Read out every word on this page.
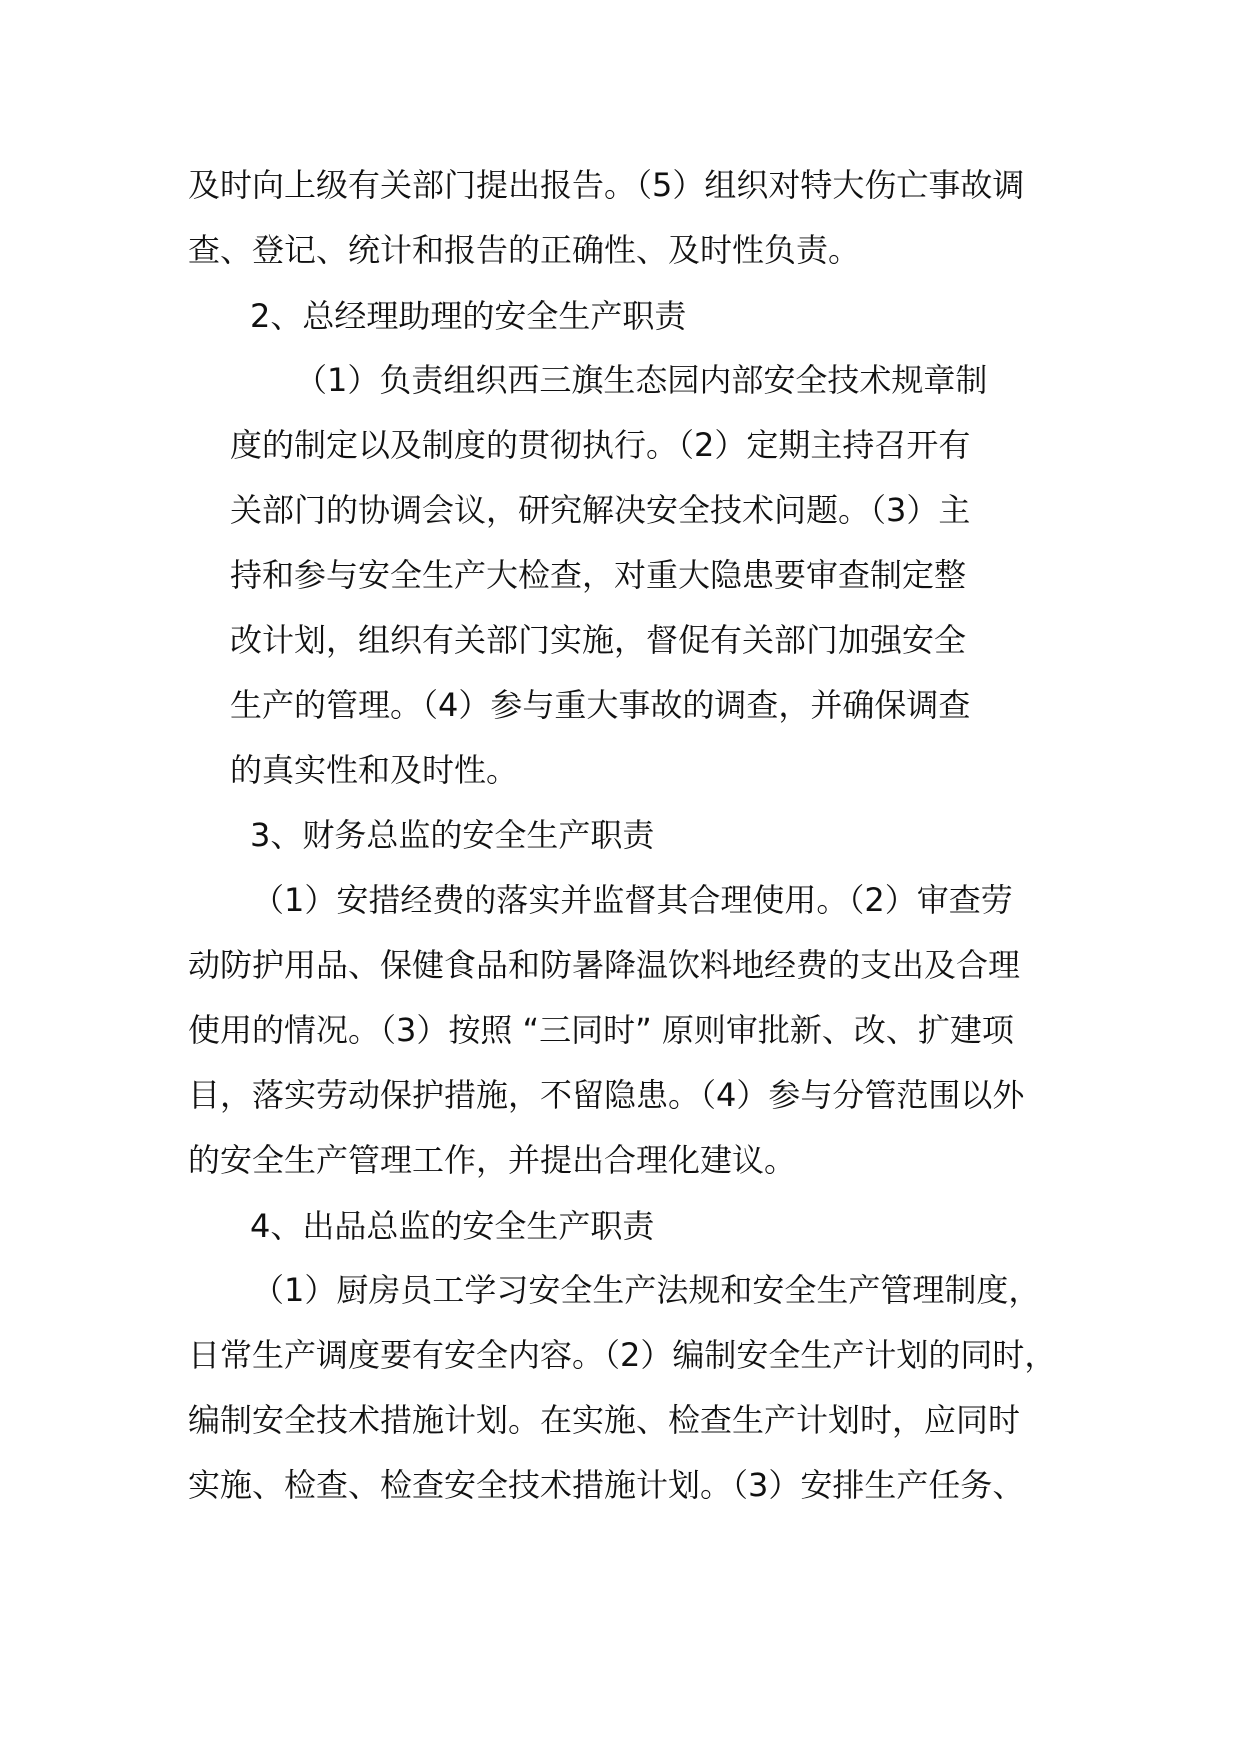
及时向上级有关部门提出报告。（5）组织对特大伤亡事故调
查、登记、统计和报告的正确性、及时性负责。
2、总经理助理的安全生产职责
（1）负责组织西三旗生态园内部安全技术规章制
度的制定以及制度的贯彻执行。（2）定期主持召开有
关部门的协调会议，研究解决安全技术问题。（3）主
持和参与安全生产大检查，对重大隐患要审查制定整
改计划，组织有关部门实施，督促有关部门加强安全
生产的管理。（4）参与重大事故的调查，并确保调查
的真实性和及时性。
3、财务总监的安全生产职责
（1）安措经费的落实并监督其合理使用。（2）审查劳
动防护用品、保健食品和防暑降温饮料地经费的支出及合理
使用的情况。（3）按照 “三同时” 原则审批新、改、扩建项
目，落实劳动保护措施，不留隐患。（4）参与分管范围以外
的安全生产管理工作，并提出合理化建议。
4、出品总监的安全生产职责
（1）厨房员工学习安全生产法规和安全生产管理制度，
日常生产调度要有安全内容。（2）编制安全生产计划的同时，
编制安全技术措施计划。在实施、检查生产计划时，应同时
实施、检查、检查安全技术措施计划。（3）安排生产任务、
